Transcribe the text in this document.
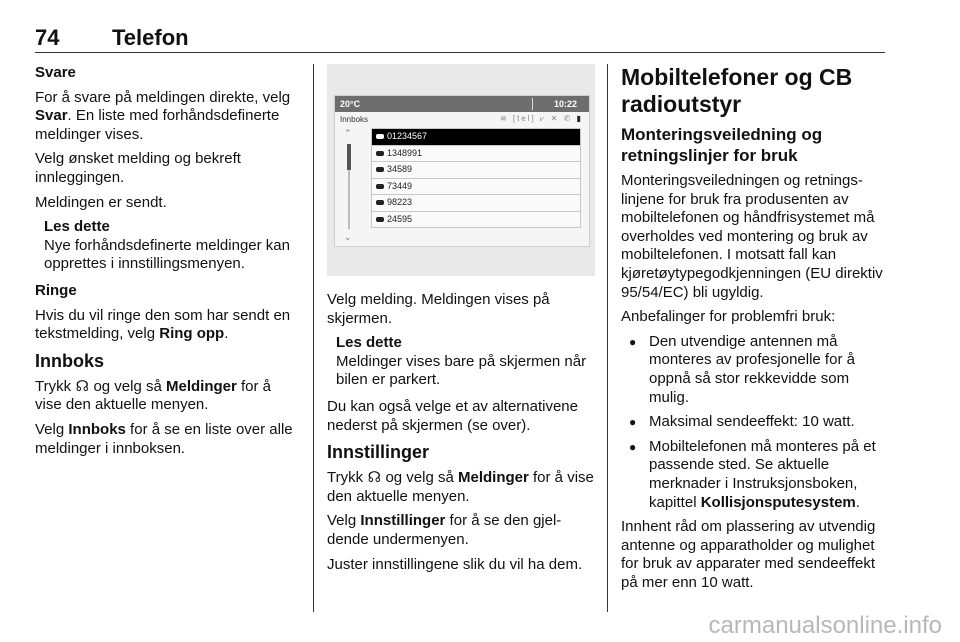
74 Telefon

Svare

For å svare på meldingen direkte, velg Svar. En liste med forhåndsdefinerte meldinger vises.

Velg ønsket melding og bekreft innleggingen.

Meldingen er sendt.

Les dette
Nye forhåndsdefinerte meldinger kan opprettes i innstillingsmenyen.

Ringe

Hvis du vil ringe den som har sendt en tekstmelding, velg Ring opp.

Innboks

Trykk ☊ og velg så Meldinger for å vise den aktuelle menyen.

Velg Innboks for å se en liste over alle meldinger i innboksen.

20°C	10:22
Innboks	≋ [tel] ⩗ ✕ ✆ ▮
⌃
⌄
01234567
1348991
34589
73449
98223
24595

Velg melding. Meldingen vises på skjermen.

Les dette
Meldinger vises bare på skjermen når bilen er parkert.

Du kan også velge et av alternativene nederst på skjermen (se over).

Innstillinger

Trykk ☊ og velg så Meldinger for å vise den aktuelle menyen.

Velg Innstillinger for å se den gjeldende undermenyen.

Juster innstillingene slik du vil ha dem.

Mobiltelefoner og CB radioutstyr

Monteringsveiledning og retningslinjer for bruk

Monteringsveiledningen og retningslinjene for bruk fra produsenten av mobiltelefonen og håndfrisystemet må overholdes ved montering og bruk av mobiltelefonen. I motsatt fall kan kjøretøytypegodkjenningen (EU direktiv 95/54/EC) bli ugyldig.

Anbefalinger for problemfri bruk:

● Den utvendige antennen må monteres av profesjonelle for å oppnå så stor rekkevidde som mulig.
● Maksimal sendeeffekt: 10 watt.
● Mobiltelefonen må monteres på et passende sted. Se aktuelle merknader i Instruksjonsboken, kapittel Kollisjonsputesystem.

Innhent råd om plassering av utvendig antenne og apparatholder og mulighet for bruk av apparater med sendeeffekt på mer enn 10 watt.

carmanualsonline.info
